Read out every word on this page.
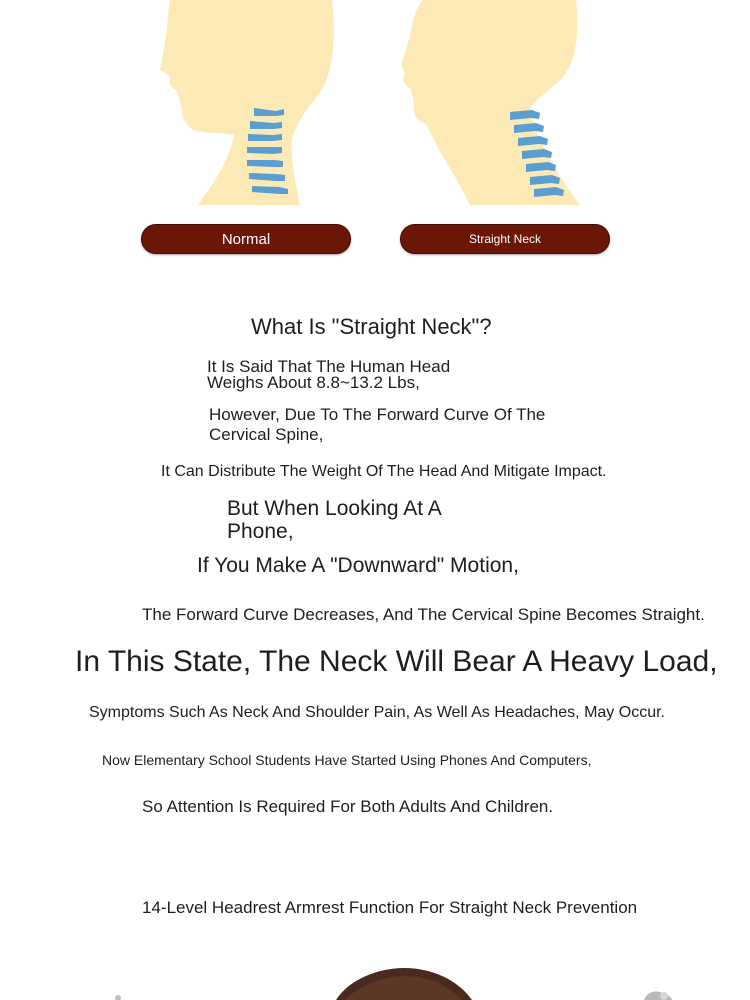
Normal	Straight Neck
What Is "Straight Neck"?
It Is Said That The Human Head
Weighs About 8.8~13.2 Lbs,
However, Due To The Forward Curve Of The
Cervical Spine,
It Can Distribute The Weight Of The Head And Mitigate Impact.
But When Looking At A
Phone,
If You Make A "Downward" Motion,
The Forward Curve Decreases, And The Cervical Spine Becomes Straight.
In This State, The Neck Will Bear A Heavy Load,
Symptoms Such As Neck And Shoulder Pain, As Well As Headaches, May Occur.
Now Elementary School Students Have Started Using Phones And Computers,
So Attention Is Required For Both Adults And Children.
14-Level Headrest Armrest Function For Straight Neck Prevention
